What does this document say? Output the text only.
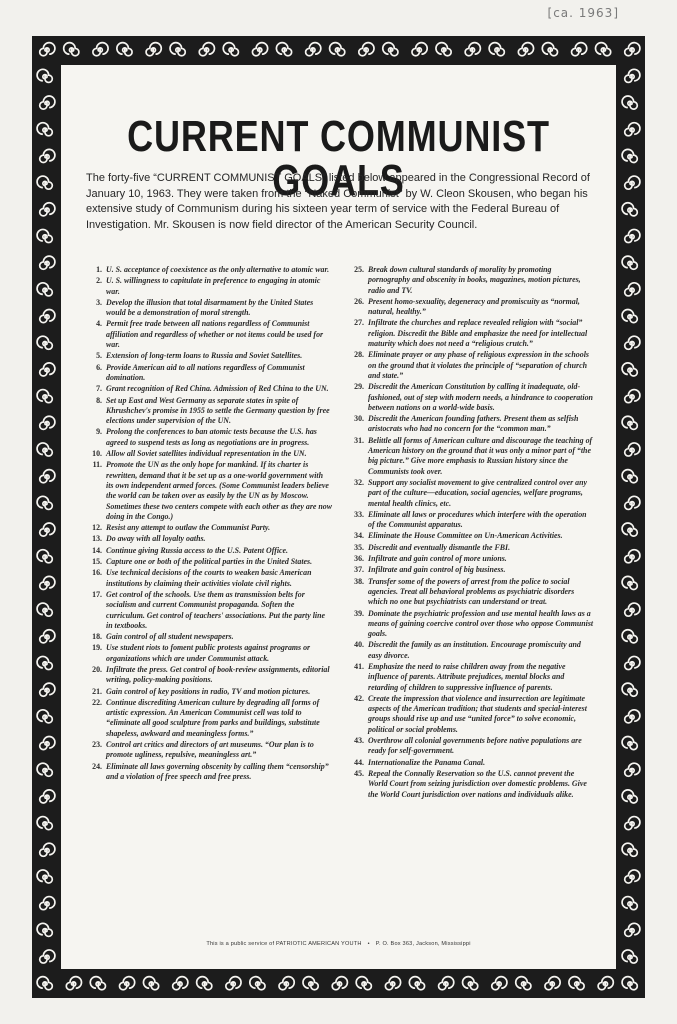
[ca. 1963]
CURRENT COMMUNIST GOALS

The forty-five “CURRENT COMMUNIST GOALS” listed below appeared in the Congressional Record of January 10, 1963. They were taken from the “Naked Communist” by W. Cleon Skousen, who began his extensive study of Communism during his sixteen year term of service with the Federal Bureau of Investigation. Mr. Skousen is now field director of the American Security Council.

1. U. S. acceptance of coexistence as the only alternative to atomic war.
2. U. S. willingness to capitulate in preference to engaging in atomic war.
3. Develop the illusion that total disarmament by the United States would be a demonstration of moral strength.
4. Permit free trade between all nations regardless of Communist affiliation and regardless of whether or not items could be used for war.
5. Extension of long-term loans to Russia and Soviet Satellites.
6. Provide American aid to all nations regardless of Communist domination.
7. Grant recognition of Red China. Admission of Red China to the UN.
8. Set up East and West Germany as separate states in spite of Khrushchev's promise in 1955 to settle the Germany question by free elections under supervision of the UN.
9. Prolong the conferences to ban atomic tests because the U.S. has agreed to suspend tests as long as negotiations are in progress.
10. Allow all Soviet satellites individual representation in the UN.
11. Promote the UN as the only hope for mankind. If its charter is rewritten, demand that it be set up as a one-world government with its own independent armed forces. (Some Communist leaders believe the world can be taken over as easily by the UN as by Moscow. Sometimes these two centers compete with each other as they are now doing in the Congo.)
12. Resist any attempt to outlaw the Communist Party.
13. Do away with all loyalty oaths.
14. Continue giving Russia access to the U.S. Patent Office.
15. Capture one or both of the political parties in the United States.
16. Use technical decisions of the courts to weaken basic American institutions by claiming their activities violate civil rights.
17. Get control of the schools. Use them as transmission belts for socialism and current Communist propaganda. Soften the curriculum. Get control of teachers' associations. Put the party line in textbooks.
18. Gain control of all student newspapers.
19. Use student riots to foment public protests against programs or organizations which are under Communist attack.
20. Infiltrate the press. Get control of book-review assignments, editorial writing, policy-making positions.
21. Gain control of key positions in radio, TV and motion pictures.
22. Continue discrediting American culture by degrading all forms of artistic expression. An American Communist cell was told to “eliminate all good sculpture from parks and buildings, substitute shapeless, awkward and meaningless forms.”
23. Control art critics and directors of art museums. “Our plan is to promote ugliness, repulsive, meaningless art.”
24. Eliminate all laws governing obscenity by calling them “censorship” and a violation of free speech and free press.
25. Break down cultural standards of morality by promoting pornography and obscenity in books, magazines, motion pictures, radio and TV.
26. Present homo-sexuality, degeneracy and promiscuity as “normal, natural, healthy.”
27. Infiltrate the churches and replace revealed religion with “social” religion. Discredit the Bible and emphasize the need for intellectual maturity which does not need a “religious crutch.”
28. Eliminate prayer or any phase of religious expression in the schools on the ground that it violates the principle of “separation of church and state.”
29. Discredit the American Constitution by calling it inadequate, old-fashioned, out of step with modern needs, a hindrance to cooperation between nations on a world-wide basis.
30. Discredit the American founding fathers. Present them as selfish aristocrats who had no concern for the “common man.”
31. Belittle all forms of American culture and discourage the teaching of American history on the ground that it was only a minor part of “the big picture.” Give more emphasis to Russian history since the Communists took over.
32. Support any socialist movement to give centralized control over any part of the culture—education, social agencies, welfare programs, mental health clinics, etc.
33. Eliminate all laws or procedures which interfere with the operation of the Communist apparatus.
34. Eliminate the House Committee on Un-American Activities.
35. Discredit and eventually dismantle the FBI.
36. Infiltrate and gain control of more unions.
37. Infiltrate and gain control of big business.
38. Transfer some of the powers of arrest from the police to social agencies. Treat all behavioral problems as psychiatric disorders which no one but psychiatrists can understand or treat.
39. Dominate the psychiatric profession and use mental health laws as a means of gaining coercive control over those who oppose Communist goals.
40. Discredit the family as an institution. Encourage promiscuity and easy divorce.
41. Emphasize the need to raise children away from the negative influence of parents. Attribute prejudices, mental blocks and retarding of children to suppressive influence of parents.
42. Create the impression that violence and insurrection are legitimate aspects of the American tradition; that students and special-interest groups should rise up and use “united force” to solve economic, political or social problems.
43. Overthrow all colonial governments before native populations are ready for self-government.
44. Internationalize the Panama Canal.
45. Repeal the Connally Reservation so the U.S. cannot prevent the World Court from seizing jurisdiction over domestic problems. Give the World Court jurisdiction over nations and individuals alike.
This is a public service of PATRIOTIC AMERICAN YOUTH • P. O. Box 363, Jackson, Mississippi
